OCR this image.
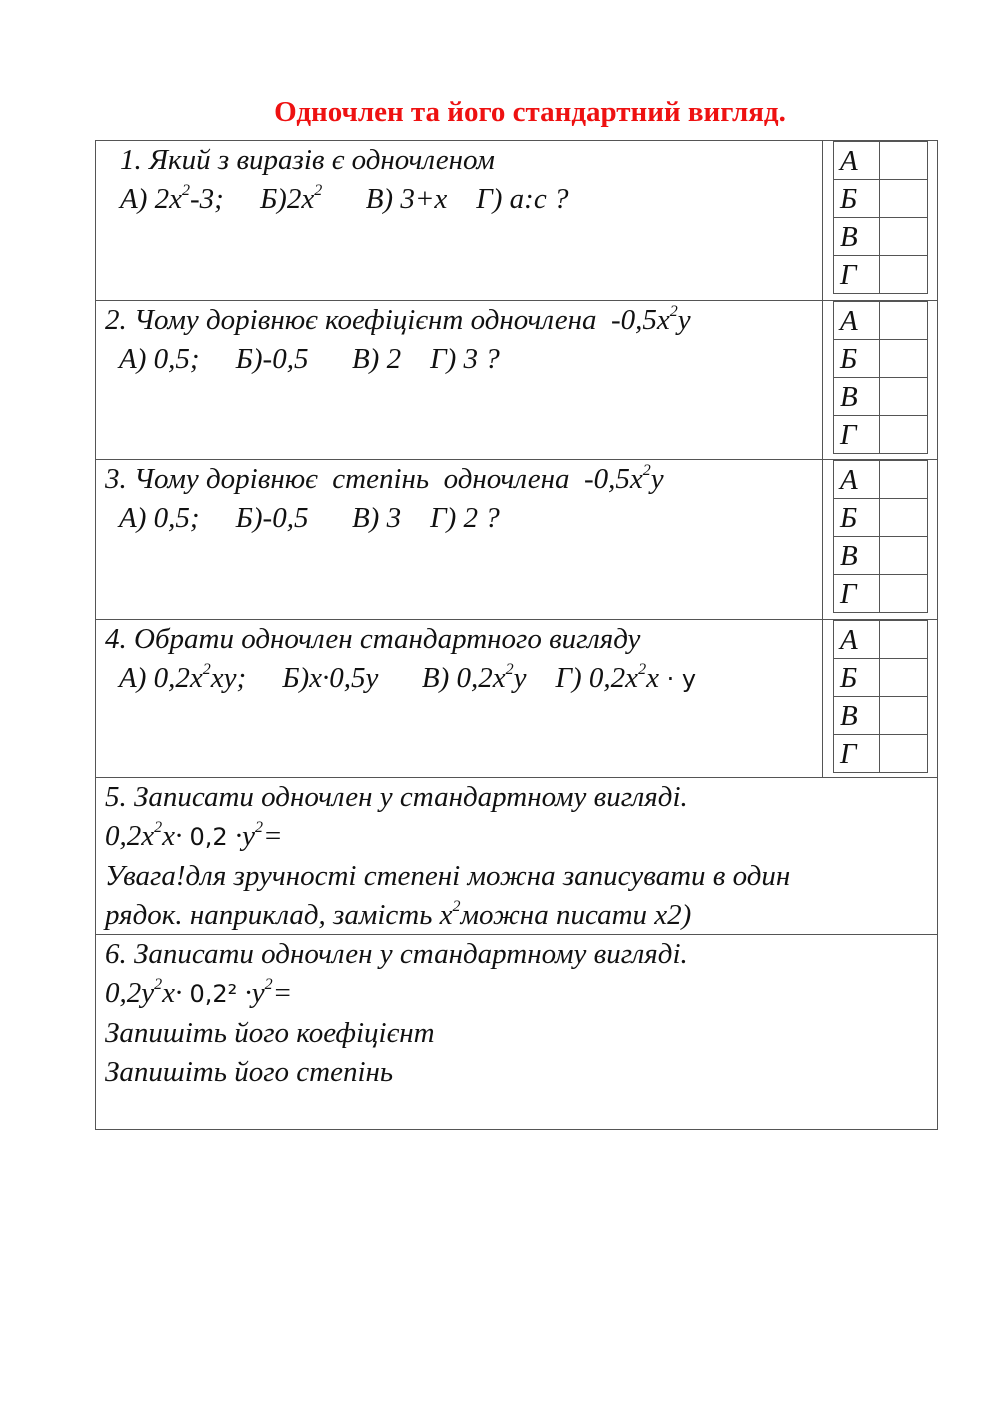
Одночлен та його стандартний вигляд.
1. Який з виразів є одночленом
А) $2x^2-3$;     $Б)2x^2$      В) 3+x    Г) a:c ?
А	
Б	
В	
Г	
2. Чому дорівнює коефіцієнт одночлена  $-0,5x^2y$
А) 0,5;     Б)-0,5      В) 2    Г) 3 ?
А	
Б	
В	
Г	
3. Чому дорівнює  степінь  одночлена  $-0,5x^2y$
А) 0,5;     Б)-0,5      В) 3    Г) 2 ?
А	
Б	
В	
Г	
4. Обрати одночлен стандартного вигляду
А) $0,2x^2xy$;     Б)x·0,5y      В) $0,2x^2y$    Г) $0,2x^2x \cdot y$
А	
Б	
В	
Г	
5. Записати одночлен у стандартному вигляді.
$0,2x^2x\cdot 0,2 \cdot y^2=$
Увага!для зручності степені можна записувати в один
рядок. наприклад, замість $x^2можна$ писати x2)
6. Записати одночлен у стандартному вигляді.
$0,2y^2x\cdot 0,2^2 \cdot y^2=$
Запишіть його коефіцієнт
Запишіть його степінь
